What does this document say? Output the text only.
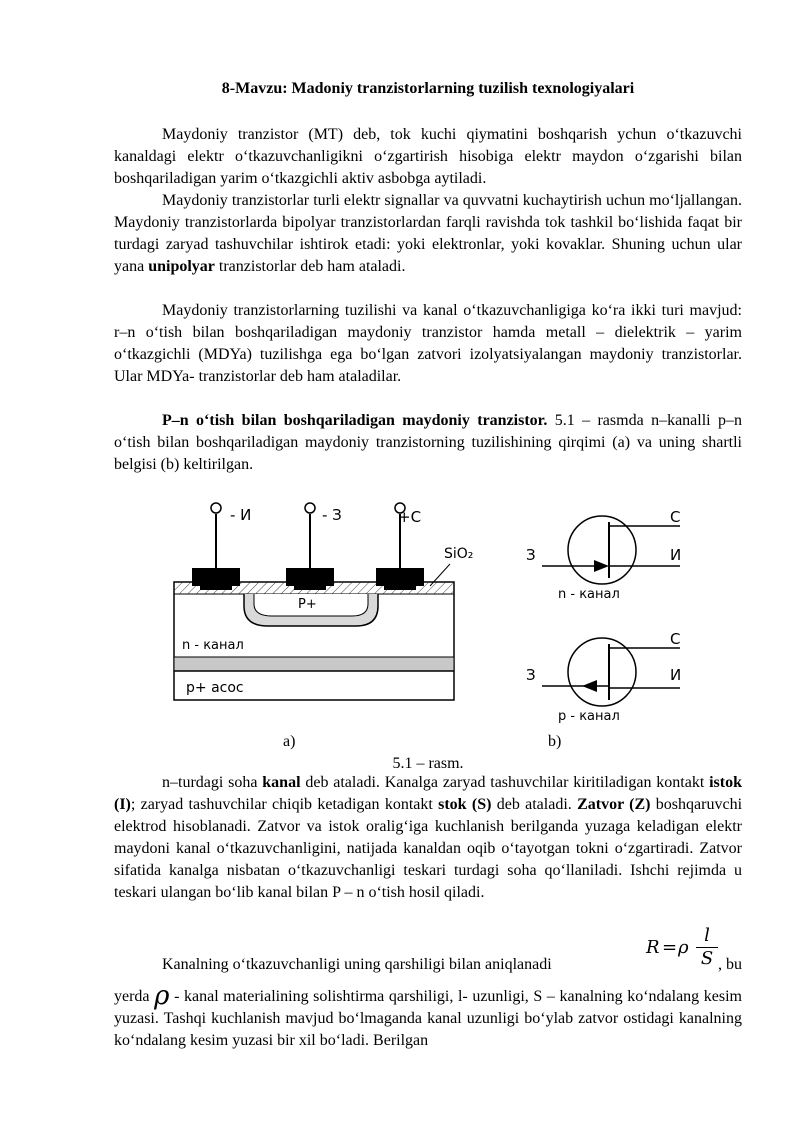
8-Mavzu: Madoniy tranzistorlarning tuzilish texnologiyalari

Maydoniy tranzistor (MT) deb, tok kuchi qiymatini boshqarish ychun o‘tkazuvchi kanaldagi elektr o‘tkazuvchanligikni o‘zgartirish hisobiga elektr maydon o‘zgarishi bilan boshqariladigan yarim o‘tkazgichli aktiv asbobga aytiladi.

Maydoniy tranzistorlar turli elektr signallar va quvvatni kuchaytirish uchun mo‘ljallangan. Maydoniy tranzistorlarda bipolyar tranzistorlardan farqli ravishda tok tashkil bo‘lishida faqat bir turdagi zaryad tashuvchilar ishtirok etadi: yoki elektronlar, yoki kovaklar. Shuning uchun ular yana unipolyar tranzistorlar deb ham ataladi.

Maydoniy tranzistorlarning tuzilishi va kanal o‘tkazuvchanligiga ko‘ra ikki turi mavjud: r–n o‘tish bilan boshqariladigan maydoniy tranzistor hamda metall – dielektrik – yarim o‘tkazgichli (MDYa) tuzilishga ega bo‘lgan zatvori izolyatsiyalangan maydoniy tranzistorlar. Ular MDYa- tranzistorlar deb ham ataladilar.

P–n o‘tish bilan boshqariladigan maydoniy tranzistor. 5.1 – rasmda n–kanalli p–n o‘tish bilan boshqariladigan maydoniy tranzistorning tuzilishining qirqimi (a) va uning shartli belgisi (b) keltirilgan.

- И	- З	+С
SiO₂
P+
n - канал
p+ асос
С
З	И
n - канал
С
З	И
p - канал
a)	b)
5.1 – rasm.

n–turdagi soha kanal deb ataladi. Kanalga zaryad tashuvchilar kiritiladigan kontakt istok (I); zaryad tashuvchilar chiqib ketadigan kontakt stok (S) deb ataladi. Zatvor (Z) boshqaruvchi elektrod hisoblanadi. Zatvor va istok oralig‘iga kuchlanish berilganda yuzaga keladigan elektr maydoni kanal o‘tkazuvchanligini, natijada kanaldan oqib o‘tayotgan tokni o‘zgartiradi. Zatvor sifatida kanalga nisbatan o‘tkazuvchanligi teskari turdagi soha qo‘llaniladi. Ishchi rejimda u teskari ulangan bo‘lib kanal bilan P – n o‘tish hosil qiladi.

R = ρ
l
S
Kanalning o‘tkazuvchanligi uning qarshiligi bilan aniqlanadi	, bu

yerda ρ - kanal materialining solishtirma qarshiligi, l- uzunligi, S – kanalning ko‘ndalang kesim yuzasi. Tashqi kuchlanish mavjud bo‘lmaganda kanal uzunligi bo‘ylab zatvor ostidagi kanalning ko‘ndalang kesim yuzasi bir xil bo‘ladi. Berilgan
